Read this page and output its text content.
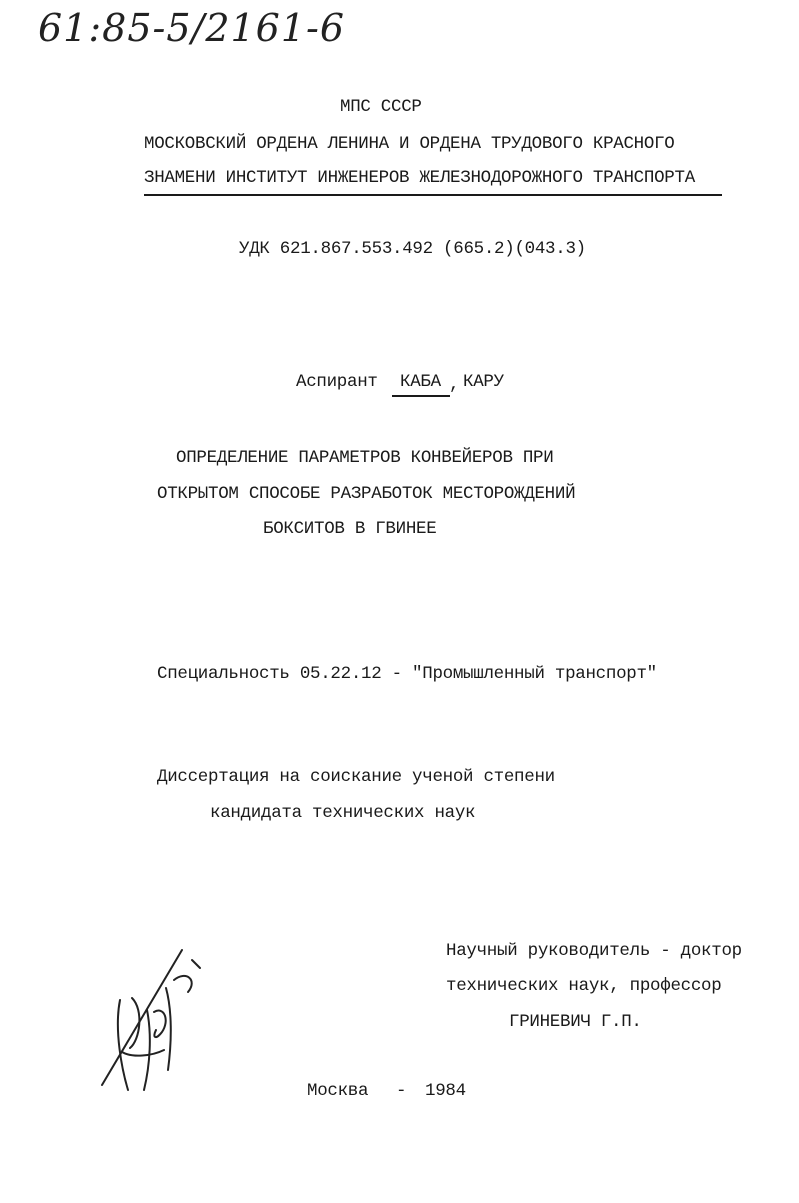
61:85-5/2161-6
МПС СССР
МОСКОВСКИЙ ОРДЕНА ЛЕНИНА И ОРДЕНА ТРУДОВОГО КРАСНОГО
ЗНАМЕНИ ИНСТИТУТ ИНЖЕНЕРОВ ЖЕЛЕЗНОДОРОЖНОГО ТРАНСПОРТА
УДК 621.867.553.492 (665.2)(043.3)
Аспирант КАБА , КАРУ
ОПРЕДЕЛЕНИЕ ПАРАМЕТРОВ КОНВЕЙЕРОВ ПРИ
ОТКРЫТОМ СПОСОБЕ РАЗРАБОТОК МЕСТОРОЖДЕНИЙ
БОКСИТОВ В ГВИНЕЕ
Специальность 05.22.12 - "Промышленный транспорт"
Диссертация на соискание ученой степени
кандидата технических наук
Научный руководитель - доктор
технических наук, профессор
ГРИНЕВИЧ Г.П.
Москва - 1984
